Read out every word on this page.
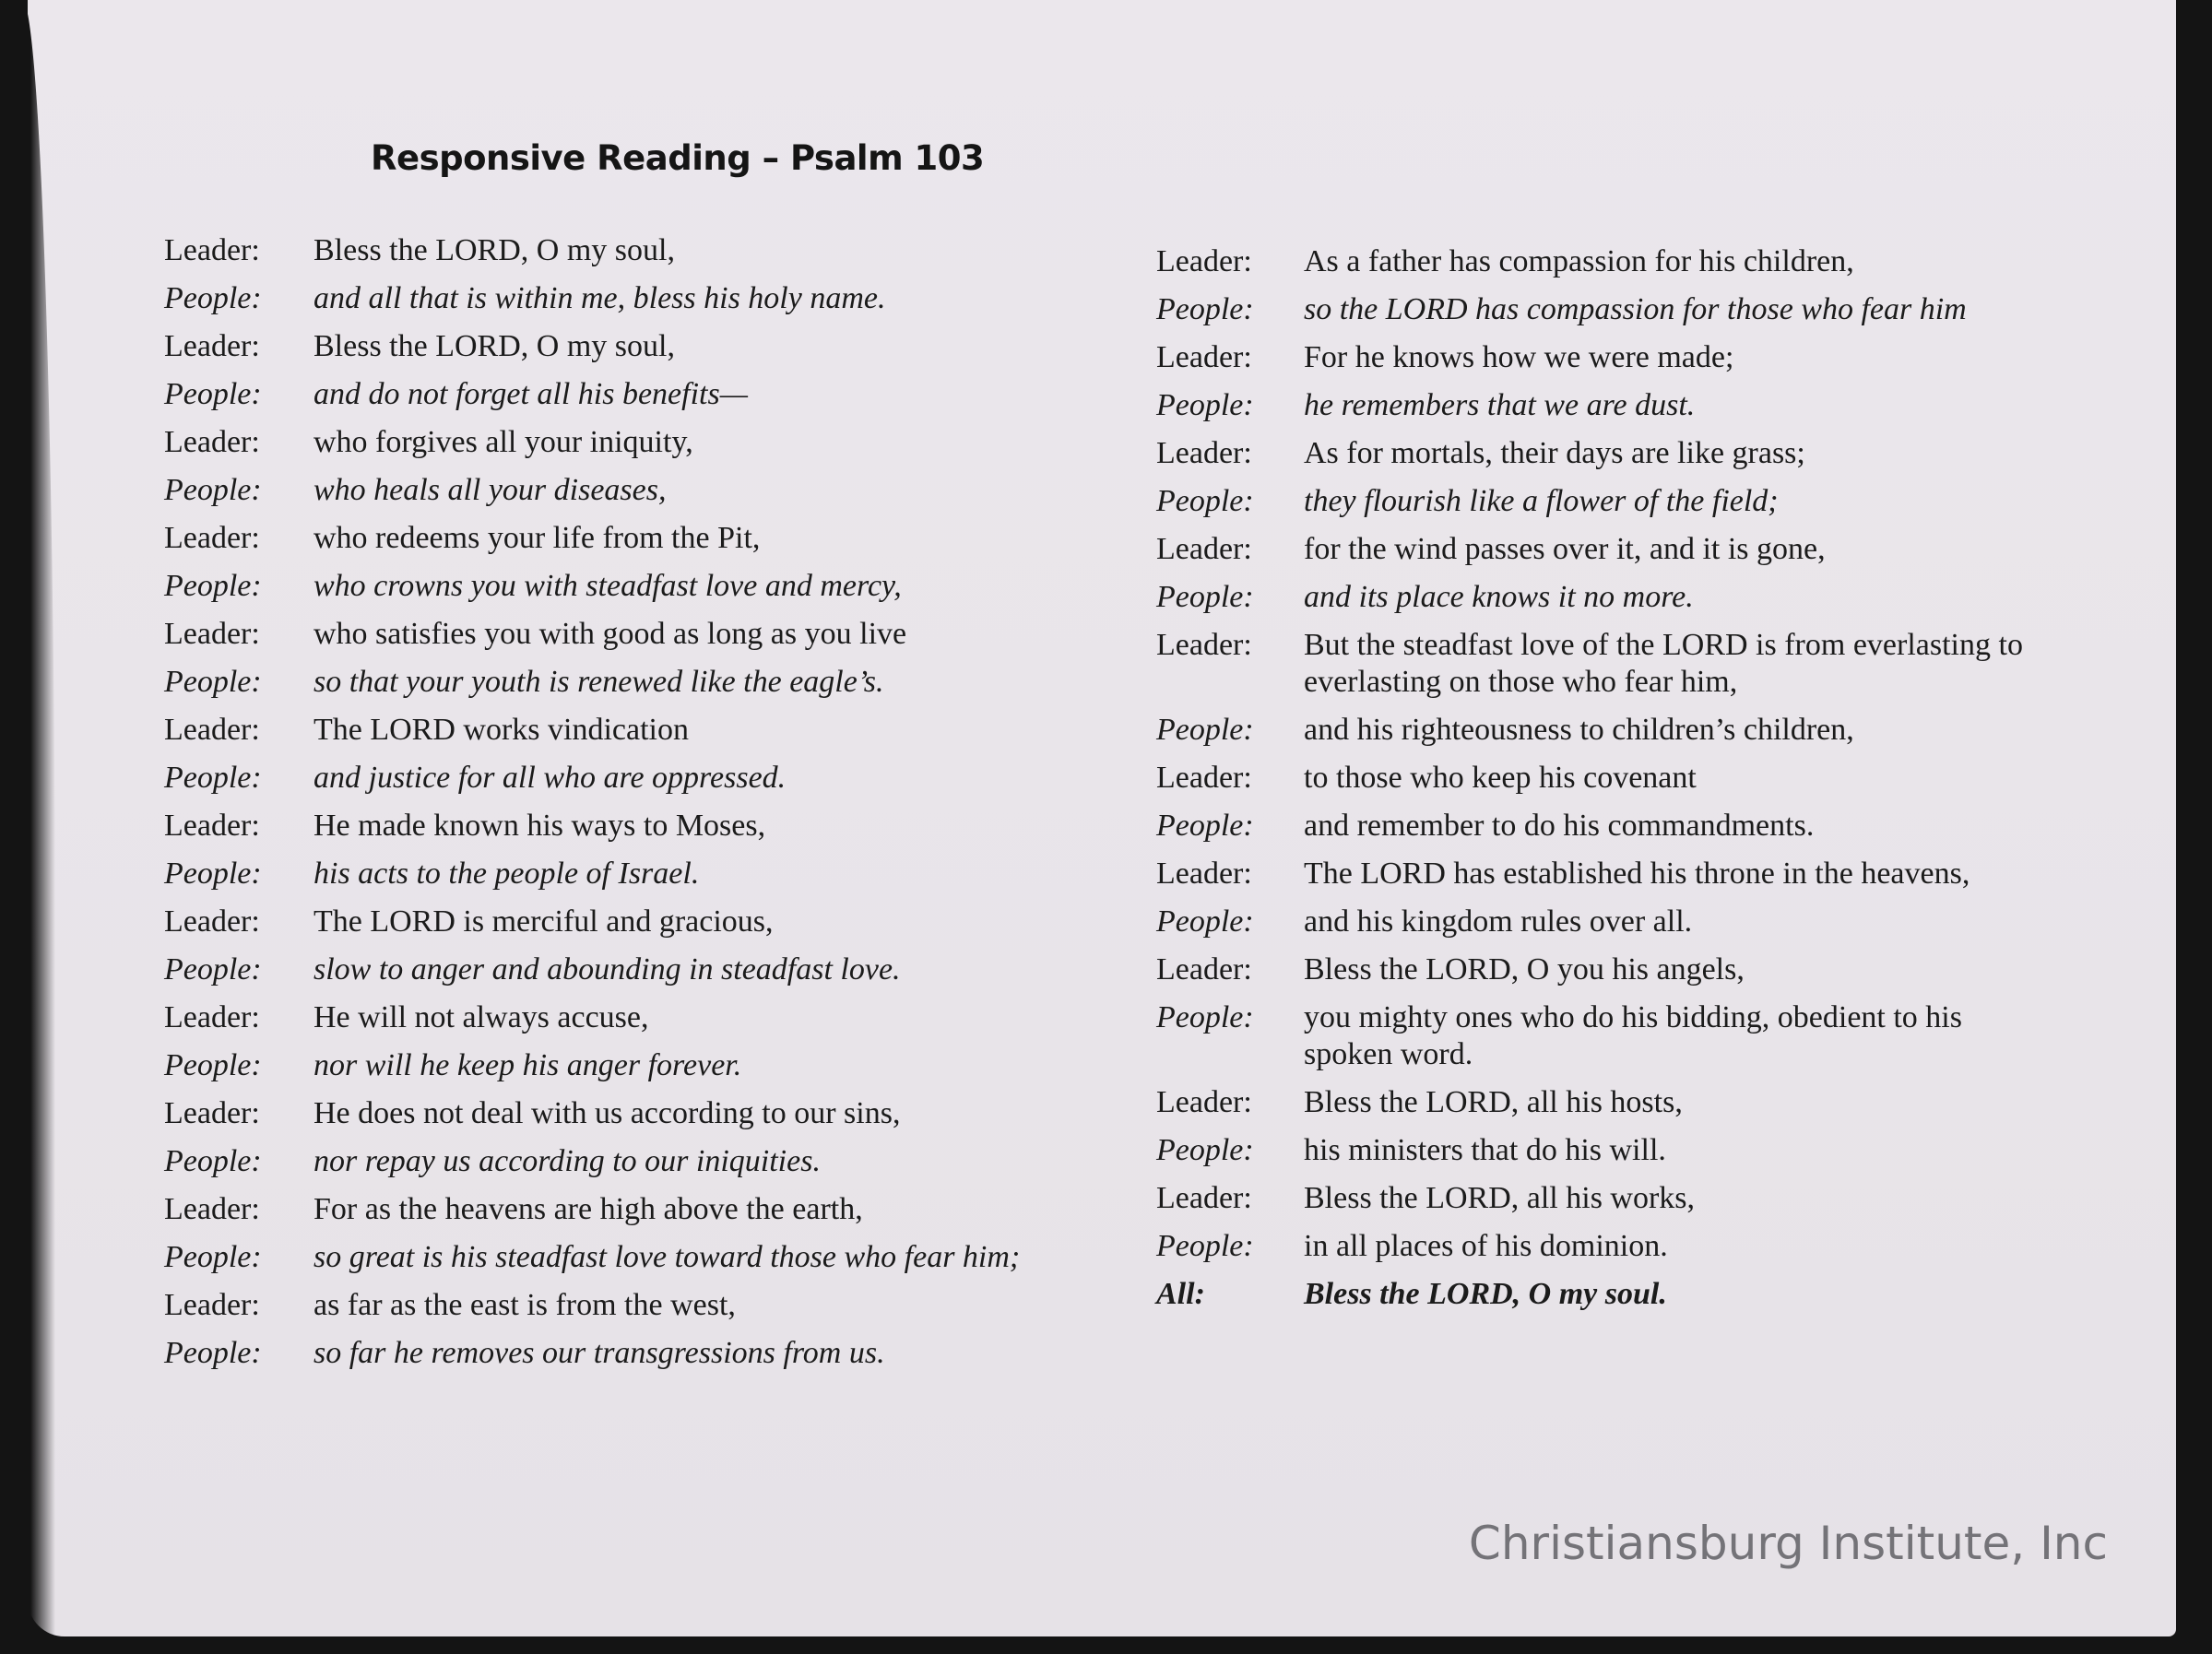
Responsive Reading – Psalm 103
Leader:	Bless the LORD, O my soul,
People:	and all that is within me, bless his holy name.
Leader:	Bless the LORD, O my soul,
People:	and do not forget all his benefits—
Leader:	who forgives all your iniquity,
People:	who heals all your diseases,
Leader:	who redeems your life from the Pit,
People:	who crowns you with steadfast love and mercy,
Leader:	who satisfies you with good as long as you live
People:	so that your youth is renewed like the eagle’s.
Leader:	The LORD works vindication
People:	and justice for all who are oppressed.
Leader:	He made known his ways to Moses,
People:	his acts to the people of Israel.
Leader:	The LORD is merciful and gracious,
People:	slow to anger and abounding in steadfast love.
Leader:	He will not always accuse,
People:	nor will he keep his anger forever.
Leader:	He does not deal with us according to our sins,
People:	nor repay us according to our iniquities.
Leader:	For as the heavens are high above the earth,
People:	so great is his steadfast love toward those who fear him;
Leader:	as far as the east is from the west,
People:	so far he removes our transgressions from us.
Leader:	As a father has compassion for his children,
People:	so the LORD has compassion for those who fear him
Leader:	For he knows how we were made;
People:	he remembers that we are dust.
Leader:	As for mortals, their days are like grass;
People:	they flourish like a flower of the field;
Leader:	for the wind passes over it, and it is gone,
People:	and its place knows it no more.
Leader:	But the steadfast love of the LORD is from everlasting to everlasting on those who fear him,
People:	and his righteousness to children’s children,
Leader:	to those who keep his covenant
People:	and remember to do his commandments.
Leader:	The LORD has established his throne in the heavens,
People:	and his kingdom rules over all.
Leader:	Bless the LORD, O you his angels,
People:	you mighty ones who do his bidding, obedient to his spoken word.
Leader:	Bless the LORD, all his hosts,
People:	his ministers that do his will.
Leader:	Bless the LORD, all his works,
People:	in all places of his dominion.
All:	Bless the LORD, O my soul.
Christiansburg Institute, Inc
